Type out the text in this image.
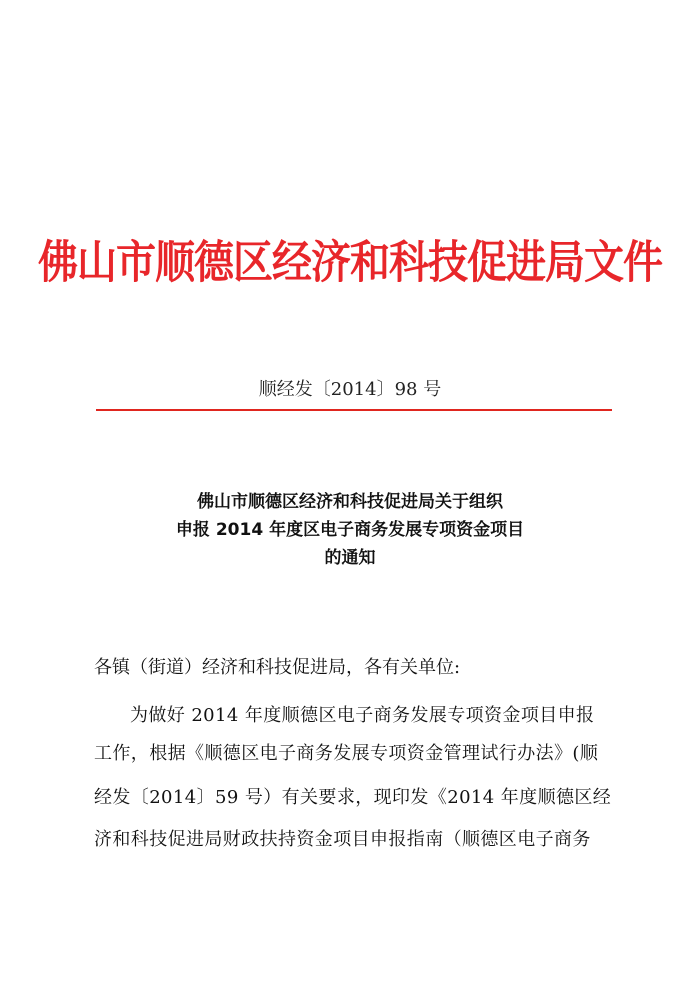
佛山市顺德区经济和科技促进局文件
顺经发〔2014〕98 号
佛山市顺德区经济和科技促进局关于组织
申报 2014 年度区电子商务发展专项资金项目
的通知
各镇（街道）经济和科技促进局，各有关单位:
为做好 2014 年度顺德区电子商务发展专项资金项目申报
工作，根据《顺德区电子商务发展专项资金管理试行办法》(顺
经发〔2014〕59 号）有关要求，现印发《2014 年度顺德区经
济和科技促进局财政扶持资金项目申报指南（顺德区电子商务
